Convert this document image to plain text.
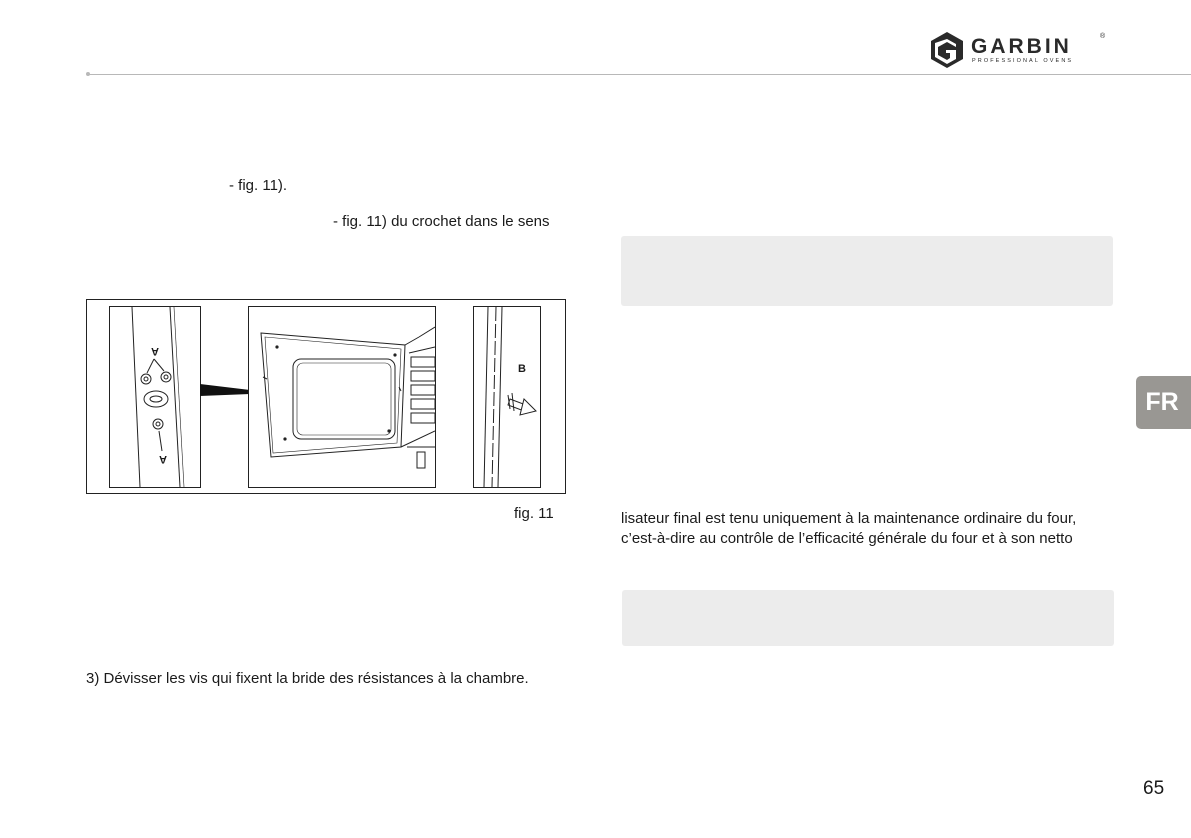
GARBIN	®
PROFESSIONAL OVENS
- fig. 11).
- fig. 11) du crochet dans le sens
A
A
B
fig. 11
3) Dévisser les vis qui fixent la bride des résistances à la chambre.
lisateur final est tenu uniquement à la maintenance ordinaire du four,
c’est-à-dire au contrôle de l’efficacité générale du four et à son netto
FR
65
